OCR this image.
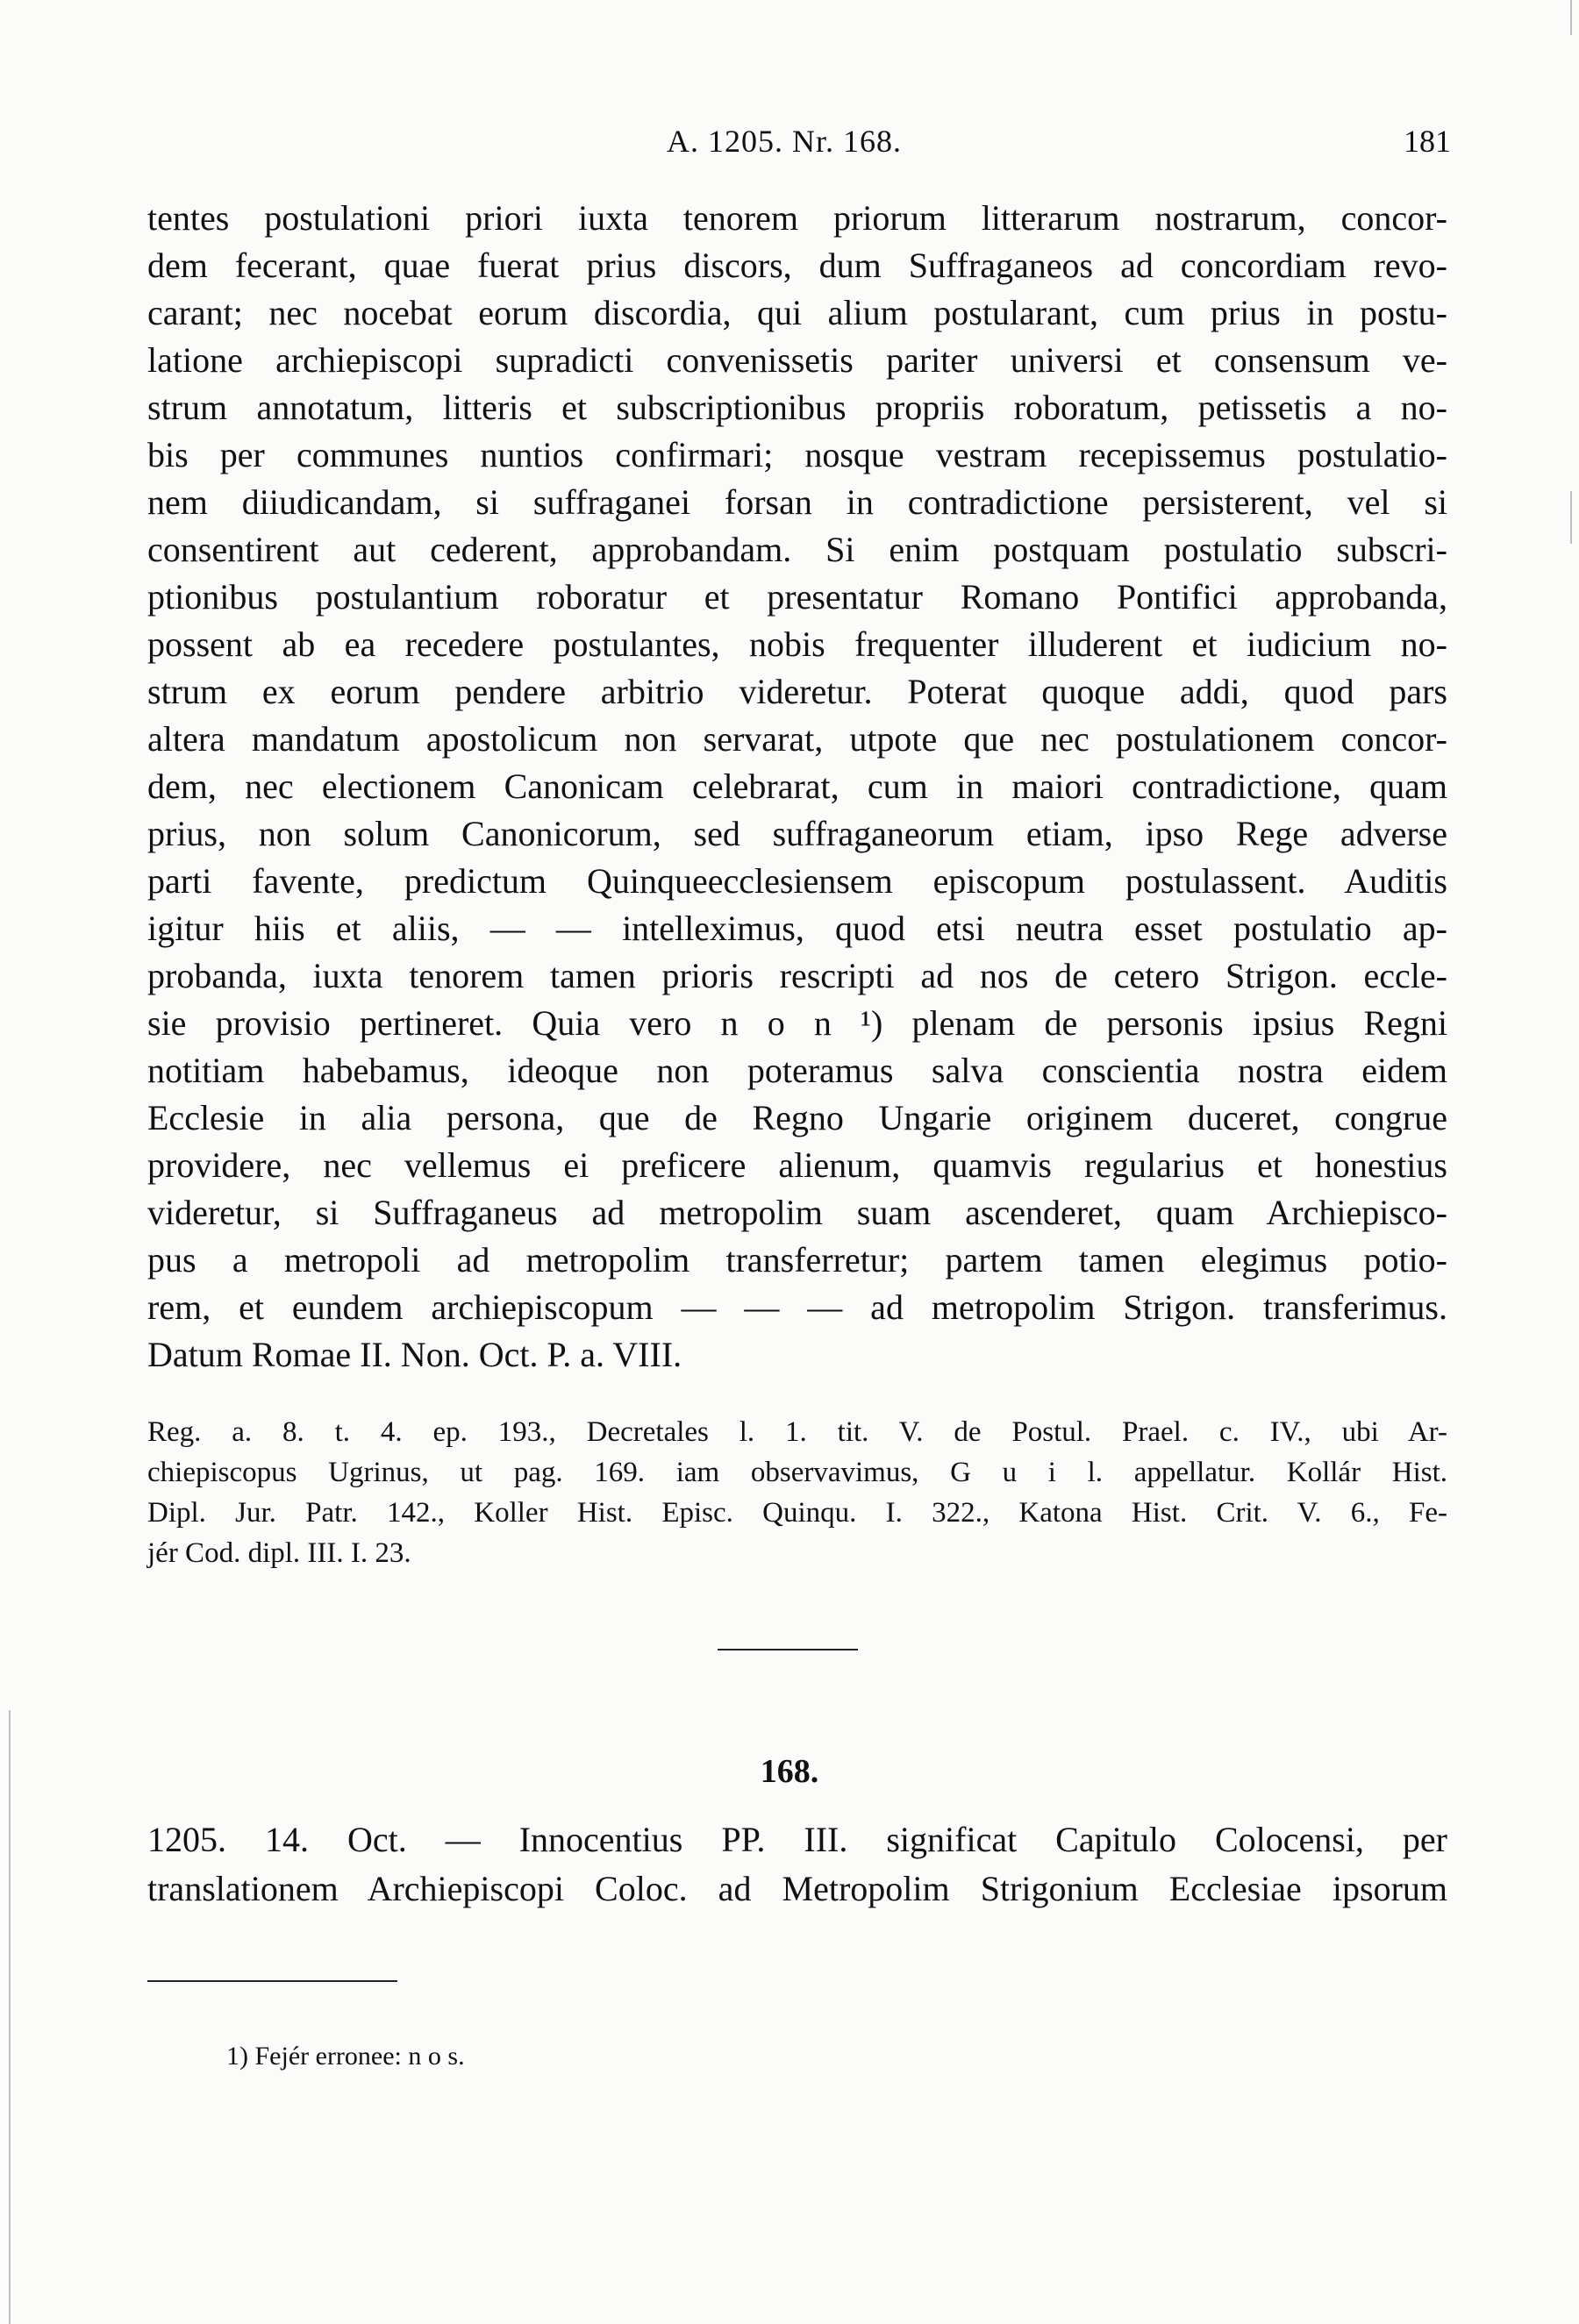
A. 1205. Nr. 168.	181
tentes postulationi priori iuxta tenorem priorum litterarum nostrarum, concor-
dem fecerant, quae fuerat prius discors, dum Suffraganeos ad concordiam revo-
carant; nec nocebat eorum discordia, qui alium postularant, cum prius in postu-
latione archiepiscopi supradicti convenissetis pariter universi et consensum ve-
strum annotatum, litteris et subscriptionibus propriis roboratum, petissetis a no-
bis per communes nuntios confirmari; nosque vestram recepissemus postulatio-
nem diiudicandam, si suffraganei forsan in contradictione persisterent, vel si
consentirent aut cederent, approbandam. Si enim postquam postulatio subscri-
ptionibus postulantium roboratur et presentatur Romano Pontifici approbanda,
possent ab ea recedere postulantes, nobis frequenter illuderent et iudicium no-
strum ex eorum pendere arbitrio videretur. Poterat quoque addi, quod pars
altera mandatum apostolicum non servarat, utpote que nec postulationem concor-
dem, nec electionem Canonicam celebrarat, cum in maiori contradictione, quam
prius, non solum Canonicorum, sed suffraganeorum etiam, ipso Rege adverse
parti favente, predictum Quinqueecclesiensem episcopum postulassent. Auditis
igitur hiis et aliis, — — intelleximus, quod etsi neutra esset postulatio ap-
probanda, iuxta tenorem tamen prioris rescripti ad nos de cetero Strigon. eccle-
sie provisio pertineret. Quia vero n o n ¹) plenam de personis ipsius Regni
notitiam habebamus, ideoque non poteramus salva conscientia nostra eidem
Ecclesie in alia persona, que de Regno Ungarie originem duceret, congrue
providere, nec vellemus ei preficere alienum, quamvis regularius et honestius
videretur, si Suffraganeus ad metropolim suam ascenderet, quam Archiepisco-
pus a metropoli ad metropolim transferretur; partem tamen elegimus potio-
rem, et eundem archiepiscopum — — — ad metropolim Strigon. transferimus.
Datum Romae II. Non. Oct. P. a. VIII.
Reg. a. 8. t. 4. ep. 193., Decretales l. 1. tit. V. de Postul. Prael. c. IV., ubi Ar-
chiepiscopus Ugrinus, ut pag. 169. iam observavimus, G u i l. appellatur. Kollár Hist.
Dipl. Jur. Patr. 142., Koller Hist. Episc. Quinqu. I. 322., Katona Hist. Crit. V. 6., Fe-
jér Cod. dipl. III. I. 23.
168.
1205. 14. Oct. — Innocentius PP. III. significat Capitulo Colocensi, per
translationem Archiepiscopi Coloc. ad Metropolim Strigonium Ecclesiae ipsorum
1) Fejér erronee: n o s.
